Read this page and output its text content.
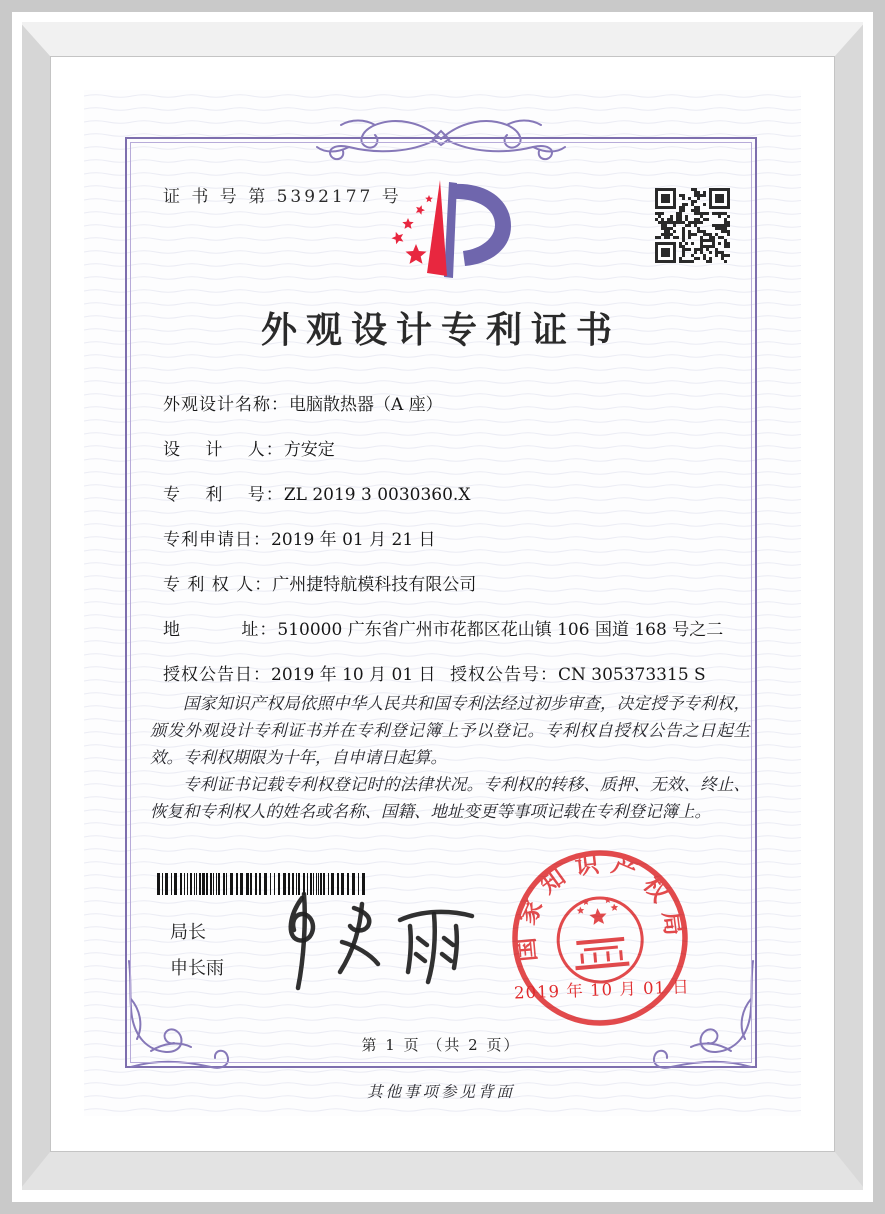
证 书 号 第 5392177 号
外观设计专利证书
外观设计名称：电脑散热器（A 座）
设　 计　 人：方安定
专　 利　 号：ZL 2019 3 0030360.X
专利申请日：2019 年 01 月 21 日
专 利 权 人：广州捷特航模科技有限公司
地　　　 址：510000 广东省广州市花都区花山镇 106 国道 168 号之二
授权公告日：2019 年 10 月 01 日 授权公告号：CN 305373315 S

国家知识产权局依照中华人民共和国专利法经过初步审查，决定授予专利权，颁发外观设计专利证书并在专利登记簿上予以登记。专利权自授权公告之日起生效。专利权期限为十年，自申请日起算。

专利证书记载专利权登记时的法律状况。专利权的转移、质押、无效、终止、恢复和专利权人的姓名或名称、国籍、地址变更等事项记载在专利登记簿上。

局长
申长雨
国家知识产权局
2019 年 10 月 01 日
第 1 页 （共 2 页）
其他事项参见背面
